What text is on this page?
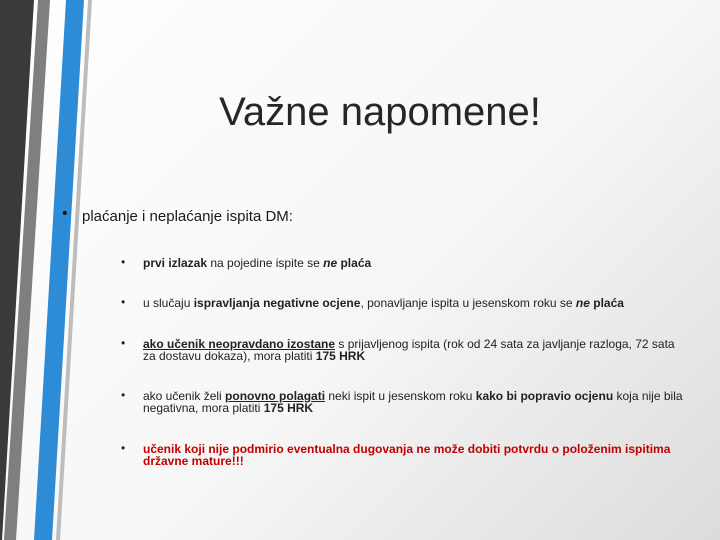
Važne napomene!
• plaćanje i neplaćanje ispita DM:
• prvi izlazak na pojedine ispite se ne plaća
• u slučaju ispravljanja negativne ocjene, ponavljanje ispita u jesenskom roku se ne plaća
• ako učenik neopravdano izostane s prijavljenog ispita (rok od 24 sata za javljanje razloga, 72 sata za dostavu dokaza), mora platiti 175 HRK
• ako učenik želi ponovno polagati neki ispit u jesenskom roku kako bi popravio ocjenu koja nije bila negativna, mora platiti 175 HRK
• učenik koji nije podmirio eventualna dugovanja ne može dobiti potvrdu o položenim ispitima državne mature!!!
